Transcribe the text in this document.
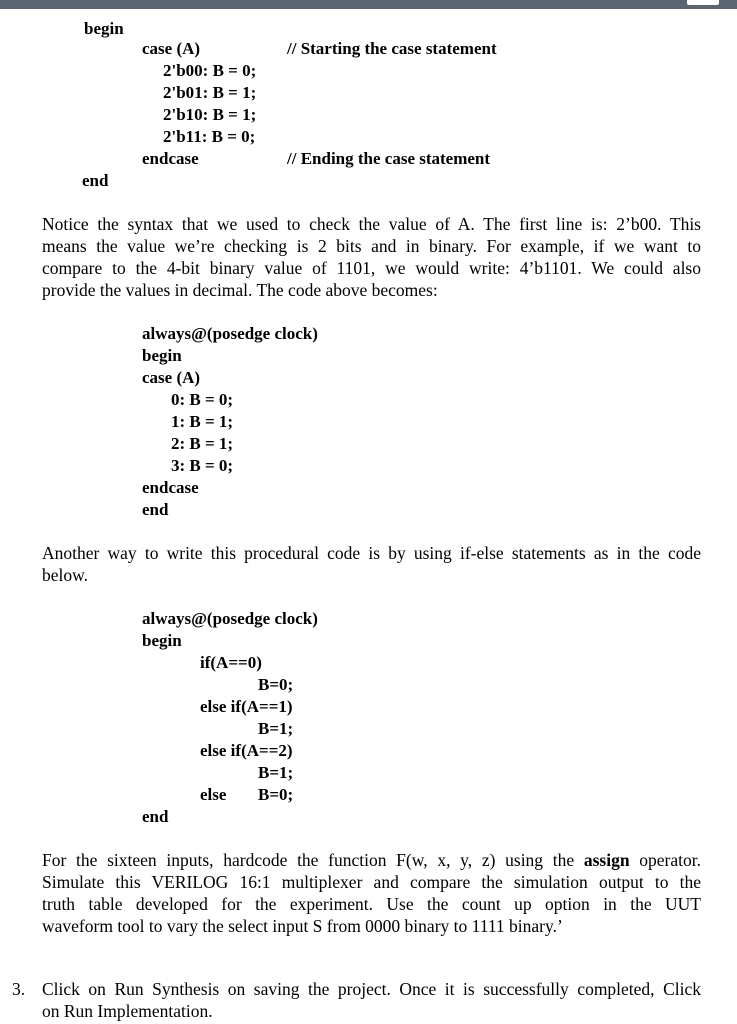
begin
case (A)	// Starting the case statement
2'b00: B = 0;
2'b01: B = 1;
2'b10: B = 1;
2'b11: B = 0;
endcase	// Ending the case statement
end
Notice the syntax that we used to check the value of A. The first line is: 2’b00. This
means the value we’re checking is 2 bits and in binary. For example, if we want to
compare to the 4-bit binary value of 1101, we would write: 4’b1101. We could also
provide the values in decimal. The code above becomes:
always@(posedge clock)
begin
case (A)
0: B = 0;
1: B = 1;
2: B = 1;
3: B = 0;
endcase
end
Another way to write this procedural code is by using if-else statements as in the code
below.
always@(posedge clock)
begin
if(A==0)
B=0;
else if(A==1)
B=1;
else if(A==2)
B=1;
else B=0;
end
For the sixteen inputs, hardcode the function F(w, x, y, z) using the assign operator.
Simulate this VERILOG 16:1 multiplexer and compare the simulation output to the
truth table developed for the experiment. Use the count up option in the UUT
waveform tool to vary the select input S from 0000 binary to 1111 binary.’
3. Click on Run Synthesis on saving the project. Once it is successfully completed, Click
on Run Implementation.
